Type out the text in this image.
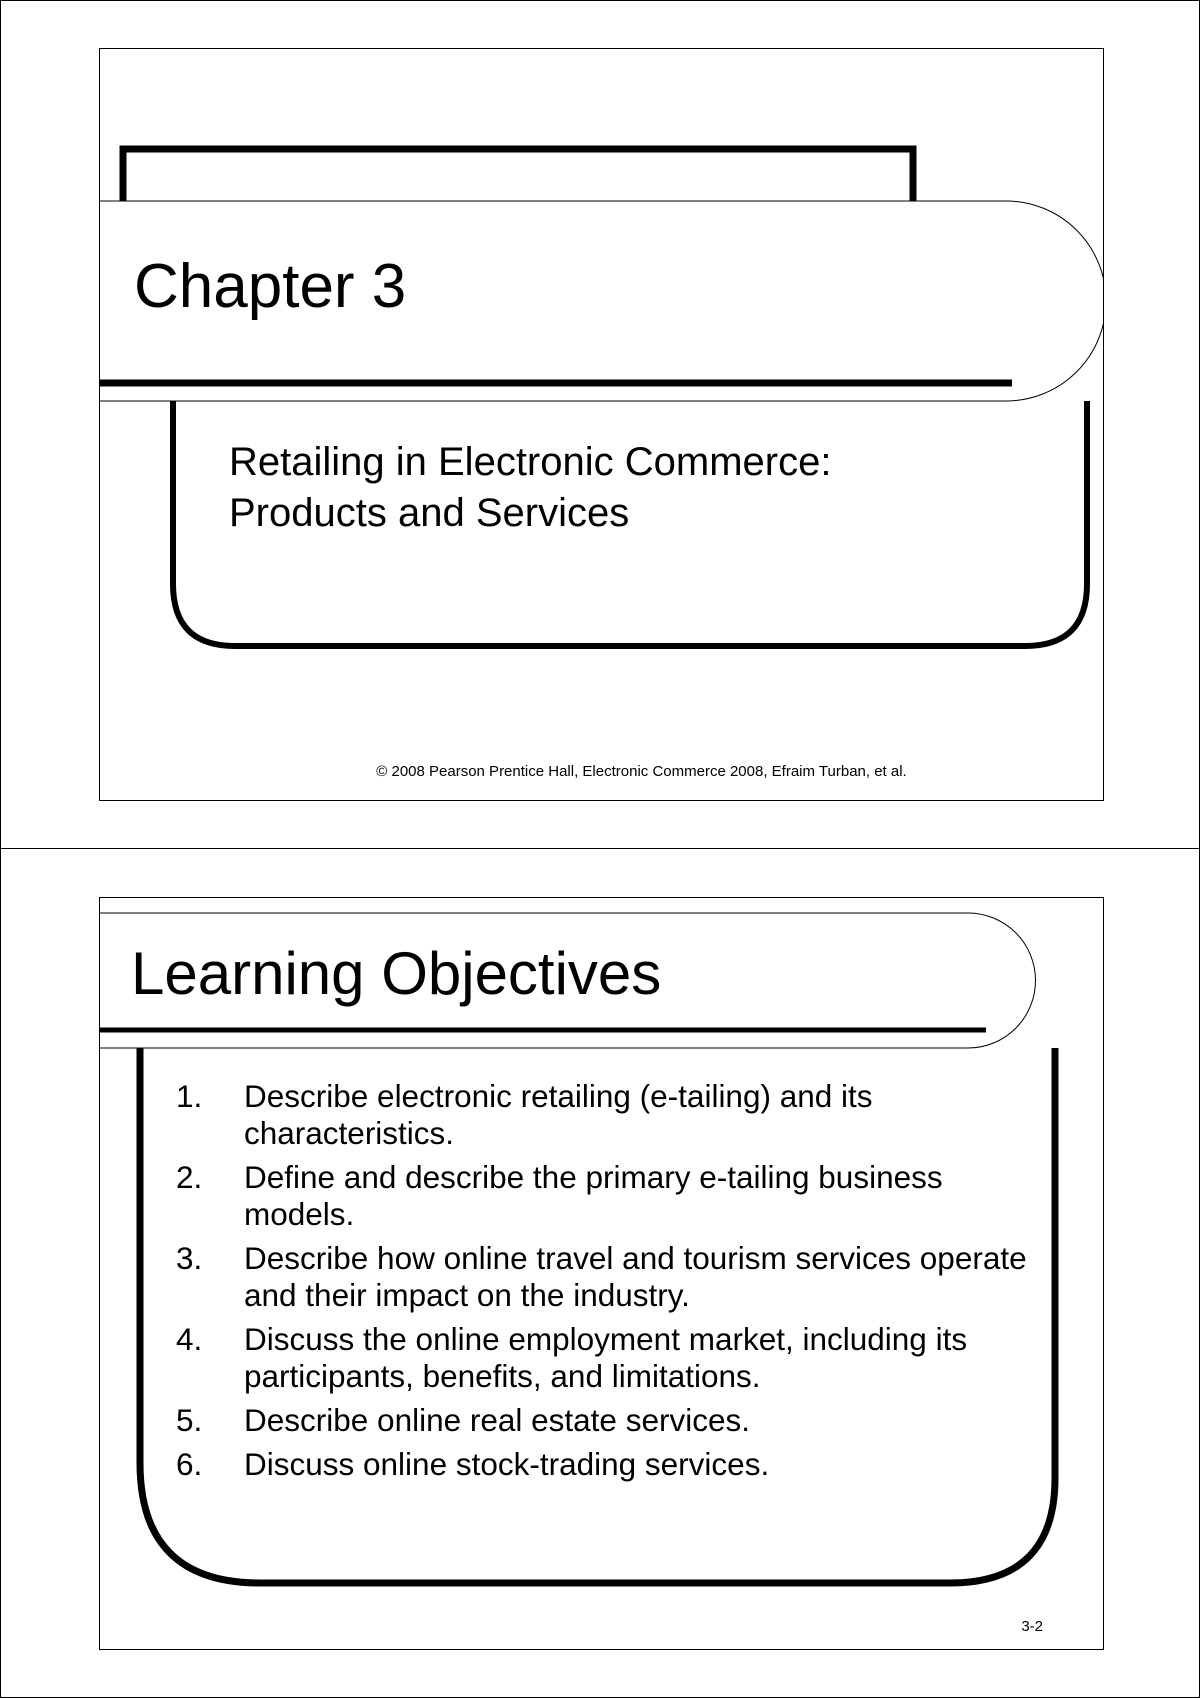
Chapter 3
Retailing in Electronic Commerce:
Products and Services
© 2008 Pearson Prentice Hall, Electronic Commerce 2008, Efraim Turban, et al.
Learning Objectives
1.	Describe electronic retailing (e-tailing) and its characteristics.
2.	Define and describe the primary e-tailing business models.
3.	Describe how online travel and tourism services operate and their impact on the industry.
4.	Discuss the online employment market, including its participants, benefits, and limitations.
5.	Describe online real estate services.
6.	Discuss online stock-trading services.
3-2
